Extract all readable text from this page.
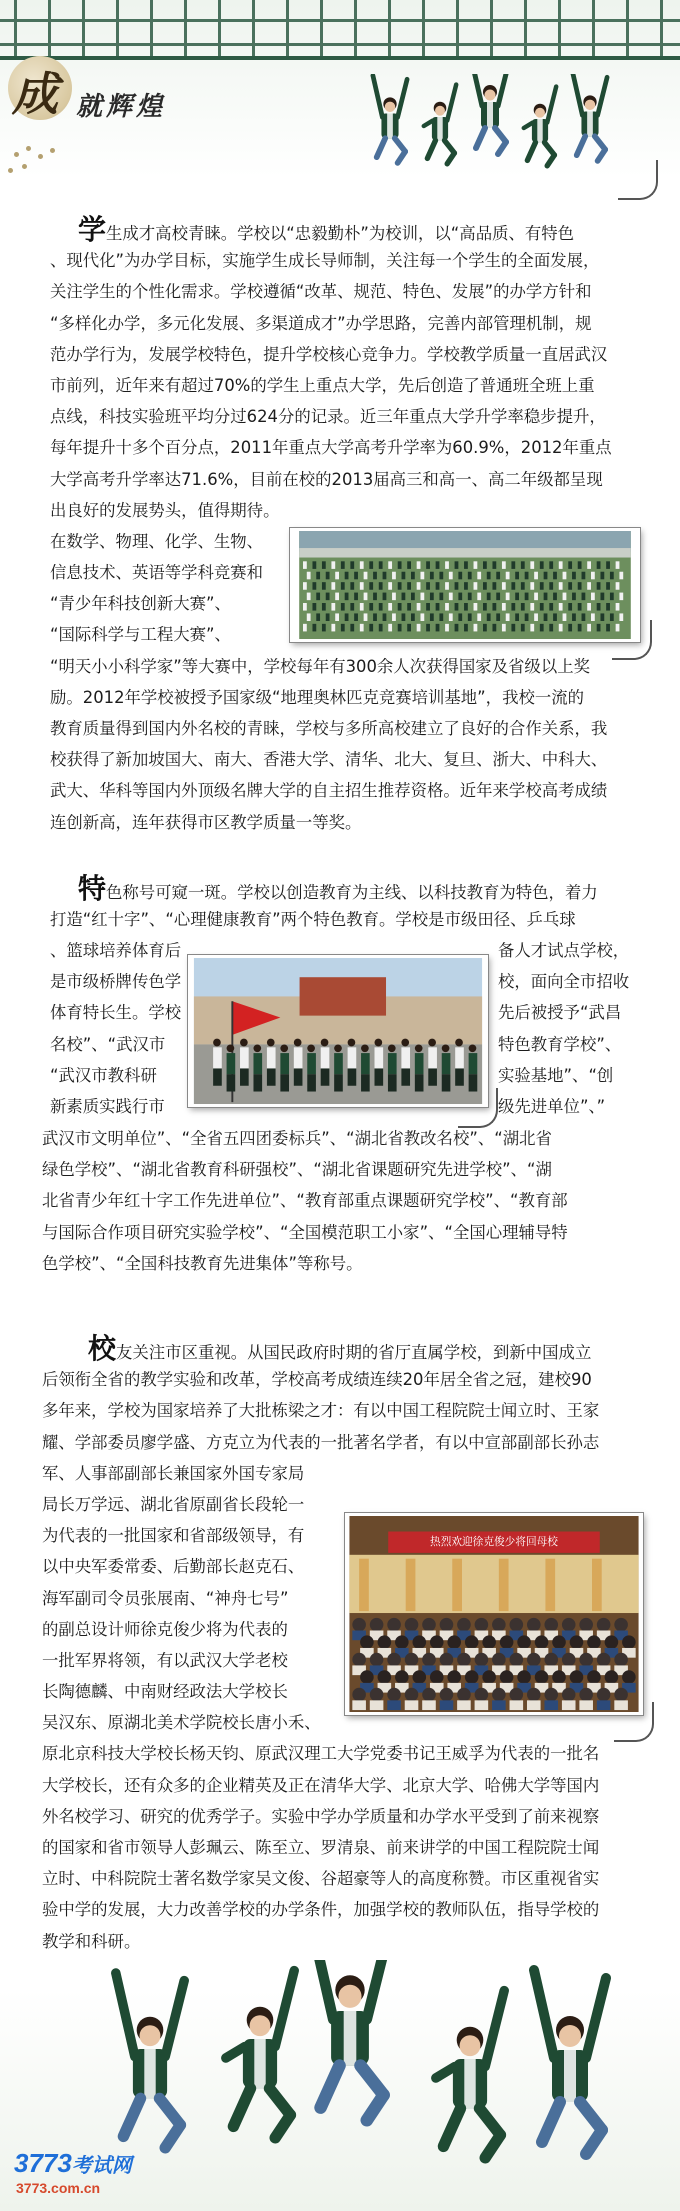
成 就辉煌
学生成才高校青睐。学校以“忠毅勤朴”为校训，以“高品质、有特色
、现代化”为办学目标，实施学生成长导师制，关注每一个学生的全面发展，
关注学生的个性化需求。学校遵循“改革、规范、特色、发展”的办学方针和
“多样化办学，多元化发展、多渠道成才”办学思路，完善内部管理机制，规
范办学行为，发展学校特色，提升学校核心竞争力。学校教学质量一直居武汉
市前列，近年来有超过70%的学生上重点大学，先后创造了普通班全班上重
点线，科技实验班平均分过624分的记录。近三年重点大学升学率稳步提升，
每年提升十多个百分点，2011年重点大学高考升学率为60.9%，2012年重点
大学高考升学率达71.6%，目前在校的2013届高三和高一、高二年级都呈现
出良好的发展势头，值得期待。
在数学、物理、化学、生物、
信息技术、英语等学科竞赛和
“青少年科技创新大赛”、
“国际科学与工程大赛”、
“明天小小科学家”等大赛中，学校每年有300余人次获得国家及省级以上奖
励。2012年学校被授予国家级“地理奥林匹克竞赛培训基地”，我校一流的
教育质量得到国内外名校的青睐，学校与多所高校建立了良好的合作关系，我
校获得了新加坡国大、南大、香港大学、清华、北大、复旦、浙大、中科大、
武大、华科等国内外顶级名牌大学的自主招生推荐资格。近年来学校高考成绩
连创新高，连年获得市区教学质量一等奖。
特色称号可窥一斑。学校以创造教育为主线、以科技教育为特色，着力
打造“红十字”、“心理健康教育”两个特色教育。学校是市级田径、乒乓球
、篮球培养体育后
是市级桥牌传色学
体育特长生。学校
名校”、“武汉市
“武汉市教科研
新素质实践行市
备人才试点学校，
校，面向全市招收
先后被授予“武昌
特色教育学校”、
实验基地”、“创
级先进单位”、”
武汉市文明单位”、“全省五四团委标兵”、“湖北省教改名校”、“湖北省
绿色学校”、“湖北省教育科研强校”、“湖北省课题研究先进学校”、“湖
北省青少年红十字工作先进单位”、“教育部重点课题研究学校”、“教育部
与国际合作项目研究实验学校”、“全国模范职工小家”、“全国心理辅导特
色学校”、“全国科技教育先进集体”等称号。
校友关注市区重视。从国民政府时期的省厅直属学校，到新中国成立
后领衔全省的教学实验和改革，学校高考成绩连续20年居全省之冠，建校90
多年来，学校为国家培养了大批栋梁之才：有以中国工程院院士闻立时、王家
耀、学部委员廖学盛、方克立为代表的一批著名学者，有以中宣部副部长孙志
军、人事部副部长兼国家外国专家局
局长万学远、湖北省原副省长段轮一
为代表的一批国家和省部级领导，有
以中央军委常委、后勤部长赵克石、
海军副司令员张展南、“神舟七号”
的副总设计师徐克俊少将为代表的
一批军界将领，有以武汉大学老校
长陶德麟、中南财经政法大学校长
吴汉东、原湖北美术学院校长唐小禾、
原北京科技大学校长杨天钧、原武汉理工大学党委书记王威孚为代表的一批名
大学校长，还有众多的企业精英及正在清华大学、北京大学、哈佛大学等国内
外名校学习、研究的优秀学子。实验中学办学质量和办学水平受到了前来视察
的国家和省市领导人彭珮云、陈至立、罗清泉、前来讲学的中国工程院院士闻
立时、中科院院士著名数学家吴文俊、谷超豪等人的高度称赞。市区重视省实
验中学的发展，大力改善学校的办学条件，加强学校的教师队伍，指导学校的
教学和科研。
热烈欢迎徐克俊少将回母校
3773考试网
3773.com.cn
